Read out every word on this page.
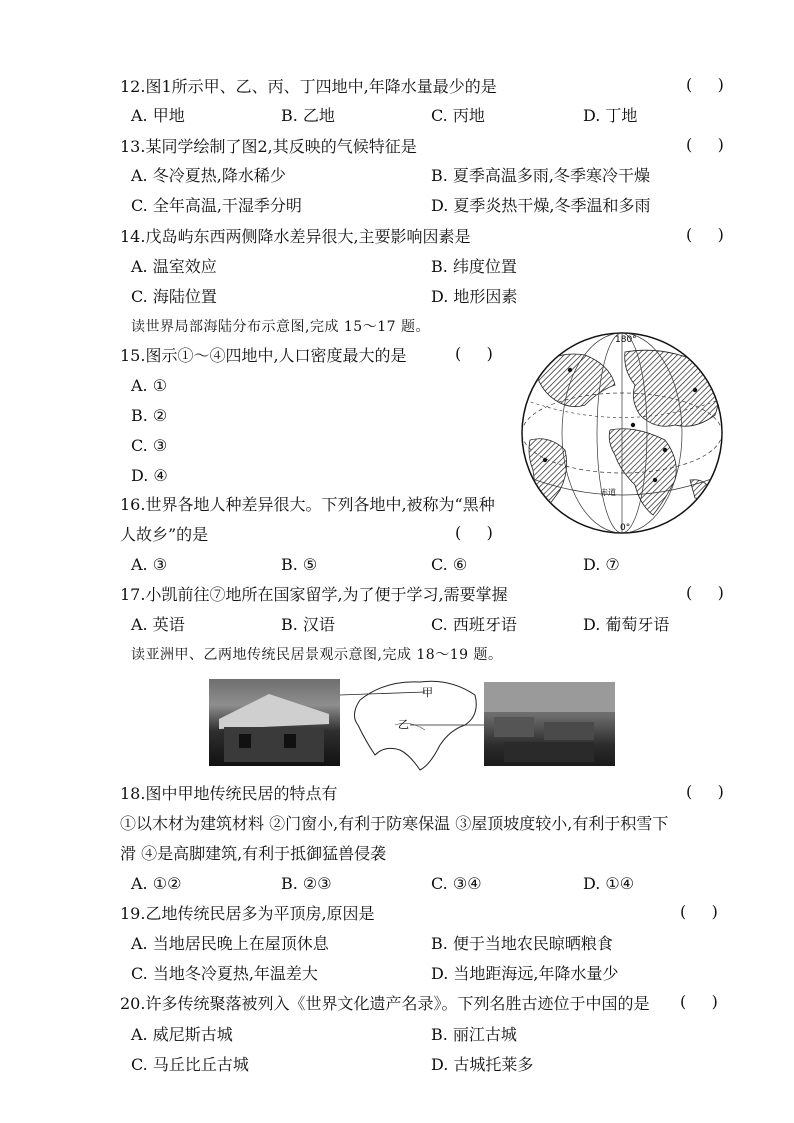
12.图1所示甲、乙、丙、丁四地中,年降水量最少的是	(     )
A. 甲地	B. 乙地	C. 丙地	D. 丁地
13.某同学绘制了图2,其反映的气候特征是	(     )
A. 冬冷夏热,降水稀少	B. 夏季高温多雨,冬季寒冷干燥
C. 全年高温,干湿季分明	D. 夏季炎热干燥,冬季温和多雨
14.戊岛屿东西两侧降水差异很大,主要影响因素是	(     )
A. 温室效应	B. 纬度位置
C. 海陆位置	D. 地形因素
读世界局部海陆分布示意图,完成 15～17 题。
15.图示①～④四地中,人口密度最大的是	(     )
A. ①
B. ②
C. ③
D. ④
180°
赤道
0°
16.世界各地人种差异很大。下列各地中,被称为“黑种
人故乡”的是	(     )
A. ③	B. ⑤	C. ⑥	D. ⑦
17.小凯前往⑦地所在国家留学,为了便于学习,需要掌握	(     )
A. 英语	B. 汉语	C. 西班牙语	D. 葡萄牙语
读亚洲甲、乙两地传统民居景观示意图,完成 18～19 题。
甲
乙
18.图中甲地传统民居的特点有	(     )
①以木材为建筑材料 ②门窗小,有利于防寒保温 ③屋顶坡度较小,有利于积雪下
滑 ④是高脚建筑,有利于抵御猛兽侵袭
A. ①②	B. ②③	C. ③④	D. ①④
19.乙地传统民居多为平顶房,原因是	(     )
A. 当地居民晚上在屋顶休息	B. 便于当地农民晾晒粮食
C. 当地冬冷夏热,年温差大	D. 当地距海远,年降水量少
20.许多传统聚落被列入《世界文化遗产名录》。下列名胜古迹位于中国的是 (     )
A. 威尼斯古城	B. 丽江古城
C. 马丘比丘古城	D. 古城托莱多
